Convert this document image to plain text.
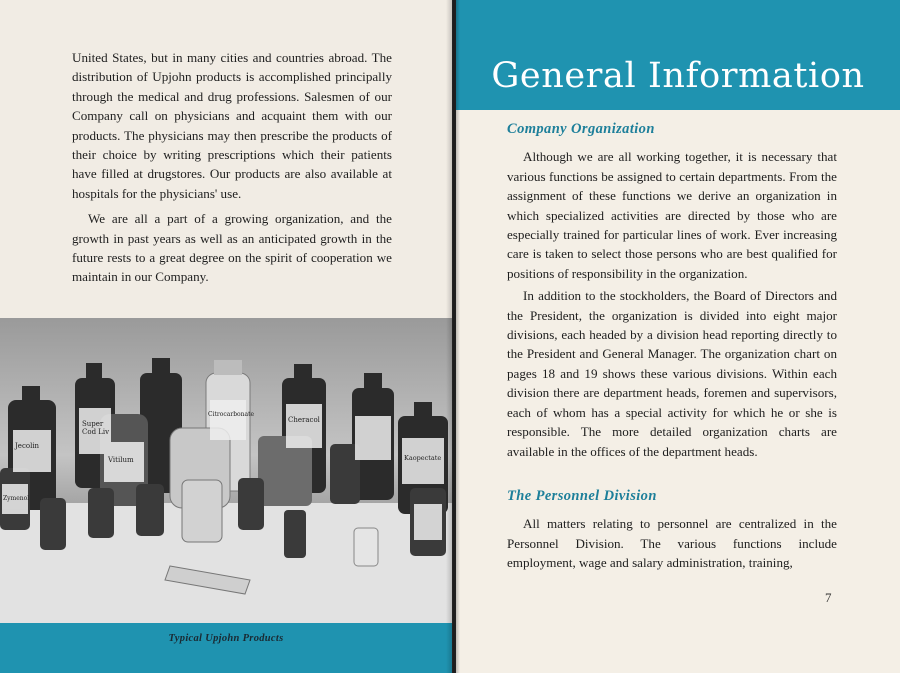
United States, but in many cities and countries abroad. The distribution of Upjohn products is accomplished principally through the medical and drug professions. Salesmen of our Company call on physicians and acquaint them with our products. The physicians may then prescribe the products of their choice by writing prescriptions which their patients have filled at drugstores. Our products are also available at hospitals for the physicians' use.

We are all a part of a growing organization, and the growth in past years as well as an anticipated growth in the future rests to a great degree on the spirit of cooperation we maintain in our Company.

Jecolin
Super
Cod Liv
Vitilum
Citrocarbonate
Cheracol
Kaopectate
Zymenol
Typical Upjohn Products
General Information
Company Organization

Although we are all working together, it is necessary that various functions be assigned to certain departments. From the assignment of these functions we derive an organization in which specialized activities are directed by those who are especially trained for particular lines of work. Ever increasing care is taken to select those persons who are best qualified for positions of responsibility in the organization.

In addition to the stockholders, the Board of Directors and the President, the organization is divided into eight major divisions, each headed by a division head reporting directly to the President and General Manager. The organization chart on pages 18 and 19 shows these various divisions. Within each division there are department heads, foremen and supervisors, each of whom has a special activity for which he or she is responsible. The more detailed organization charts are available in the offices of the department heads.

The Personnel Division

All matters relating to personnel are centralized in the Personnel Division. The various functions include employment, wage and salary administration, training,

7
